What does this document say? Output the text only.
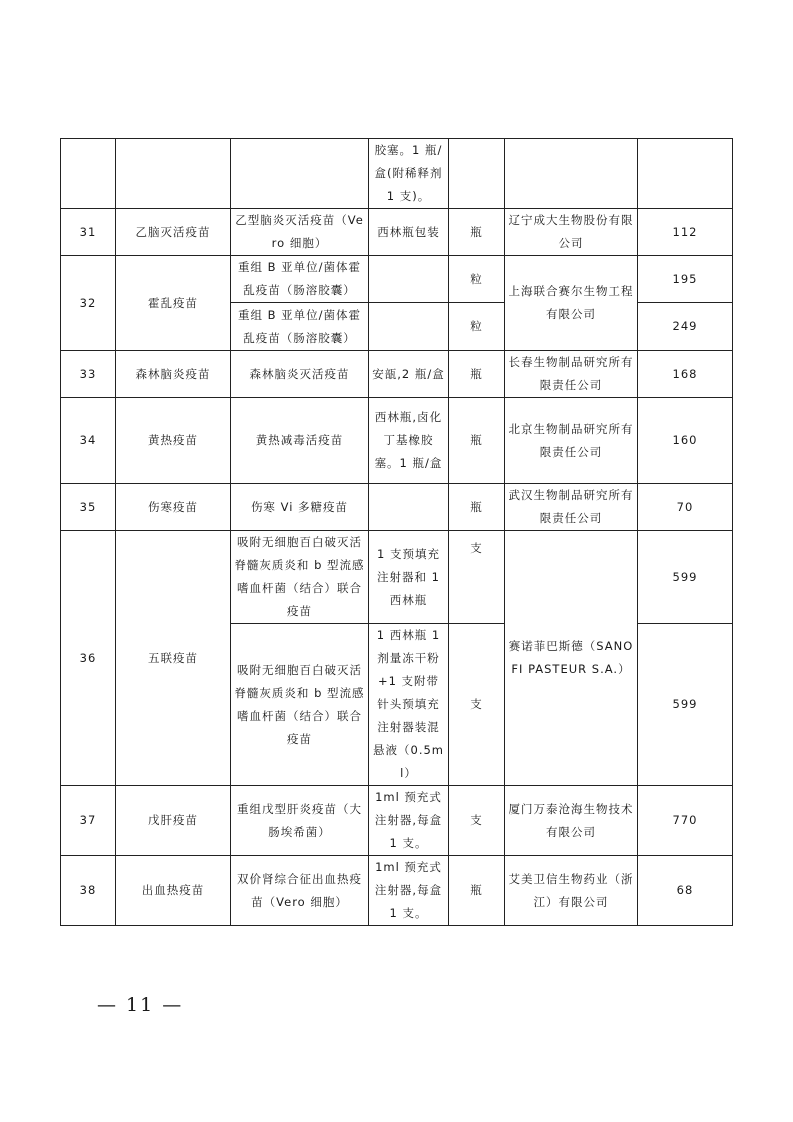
			胶塞。1 瓶/盒(附稀释剂 1 支)。			
31	乙脑灭活疫苗	乙型脑炎灭活疫苗（Vero 细胞）	西林瓶包装	瓶	辽宁成大生物股份有限公司	112
32	霍乱疫苗	重组 B 亚单位/菌体霍乱疫苗（肠溶胶囊）		粒	上海联合赛尔生物工程有限公司	195
		重组 B 亚单位/菌体霍乱疫苗（肠溶胶囊）		粒		249
33	森林脑炎疫苗	森林脑炎灭活疫苗	安瓿,2 瓶/盒	瓶	长春生物制品研究所有限责任公司	168
34	黄热疫苗	黄热减毒活疫苗	西林瓶,卤化丁基橡胶塞。1 瓶/盒	瓶	北京生物制品研究所有限责任公司	160
35	伤寒疫苗	伤寒 Vi 多糖疫苗		瓶	武汉生物制品研究所有限责任公司	70
36	五联疫苗	吸附无细胞百白破灭活脊髓灰质炎和 b 型流感嗜血杆菌（结合）联合疫苗	1 支预填充注射器和 1 西林瓶	支	赛诺菲巴斯德（SANOFI PASTEUR S.A.）	599
		吸附无细胞百白破灭活脊髓灰质炎和 b 型流感嗜血杆菌（结合）联合疫苗	1 西林瓶 1 剂量冻干粉+1 支附带针头预填充注射器装混悬液（0.5ml）	支		599
37	戊肝疫苗	重组戊型肝炎疫苗（大肠埃希菌）	1ml 预充式注射器,每盒 1 支。	支	厦门万泰沧海生物技术有限公司	770
38	出血热疫苗	双价肾综合征出血热疫苗（Vero 细胞）	1ml 预充式注射器,每盒 1 支。	瓶	艾美卫信生物药业（浙江）有限公司	68
— 11 —
